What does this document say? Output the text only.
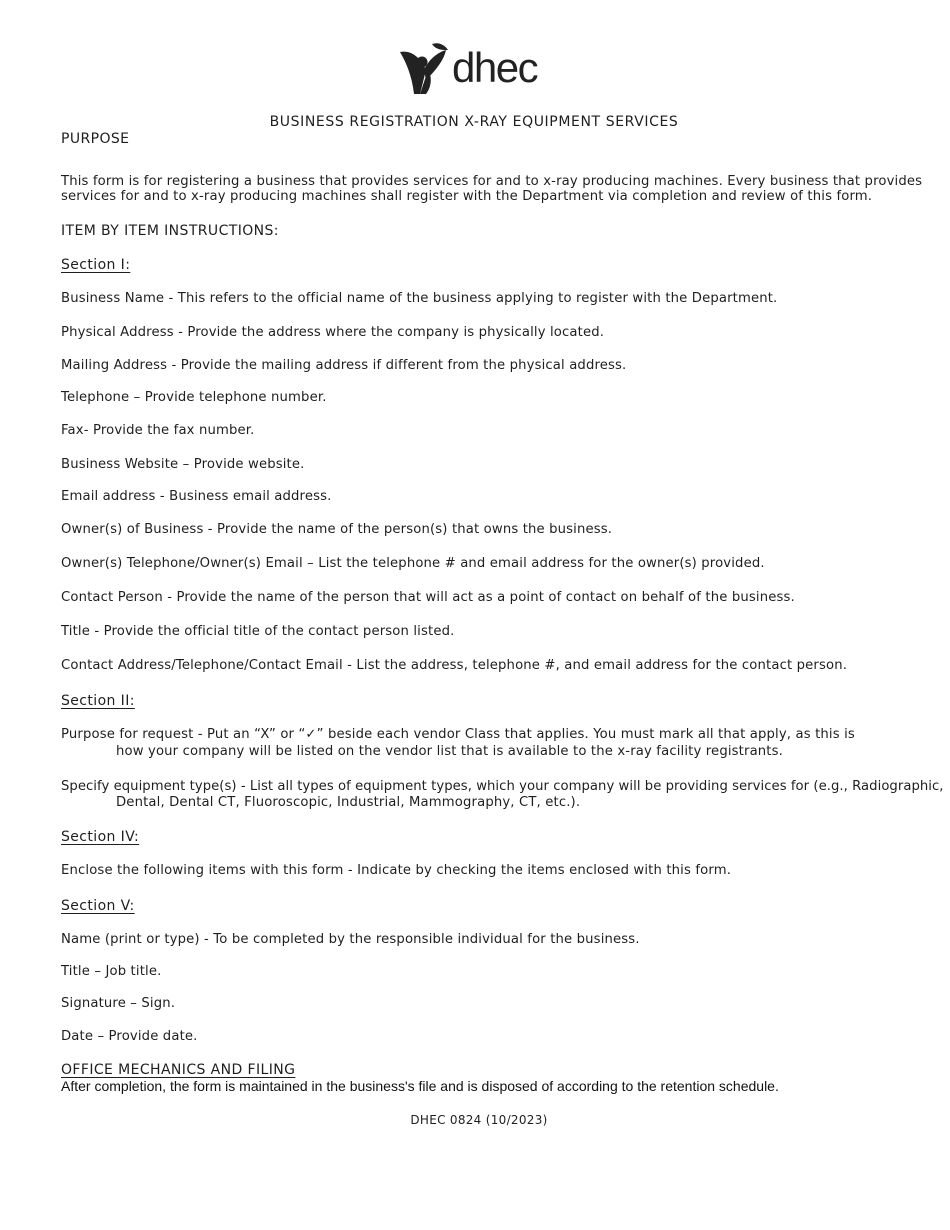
dhec
BUSINESS REGISTRATION X-RAY EQUIPMENT SERVICES
PURPOSE
This form is for registering a business that provides services for and to x-ray producing machines. Every business that provides
services for and to x-ray producing machines shall register with the Department via completion and review of this form.
ITEM BY ITEM INSTRUCTIONS:
Section I:
Business Name - This refers to the official name of the business applying to register with the Department.
Physical Address - Provide the address where the company is physically located.
Mailing Address - Provide the mailing address if different from the physical address.
Telephone – Provide telephone number.
Fax- Provide the fax number.
Business Website – Provide website.
Email address - Business email address.
Owner(s) of Business - Provide the name of the person(s) that owns the business.
Owner(s) Telephone/Owner(s) Email – List the telephone # and email address for the owner(s) provided.
Contact Person - Provide the name of the person that will act as a point of contact on behalf of the business.
Title - Provide the official title of the contact person listed.
Contact Address/Telephone/Contact Email - List the address, telephone #, and email address for the contact person.
Section II:
Purpose for request - Put an “X” or “✓” beside each vendor Class that applies. You must mark all that apply, as this is
how your company will be listed on the vendor list that is available to the x-ray facility registrants.
Specify equipment type(s) - List all types of equipment types, which your company will be providing services for (e.g., Radiographic,
Dental, Dental CT, Fluoroscopic, Industrial, Mammography, CT, etc.).
Section IV:
Enclose the following items with this form - Indicate by checking the items enclosed with this form.
Section V:
Name (print or type) - To be completed by the responsible individual for the business.
Title – Job title.
Signature – Sign.
Date – Provide date.
OFFICE MECHANICS AND FILING
After completion, the form is maintained in the business's file and is disposed of according to the retention schedule.
DHEC 0824 (10/2023)
